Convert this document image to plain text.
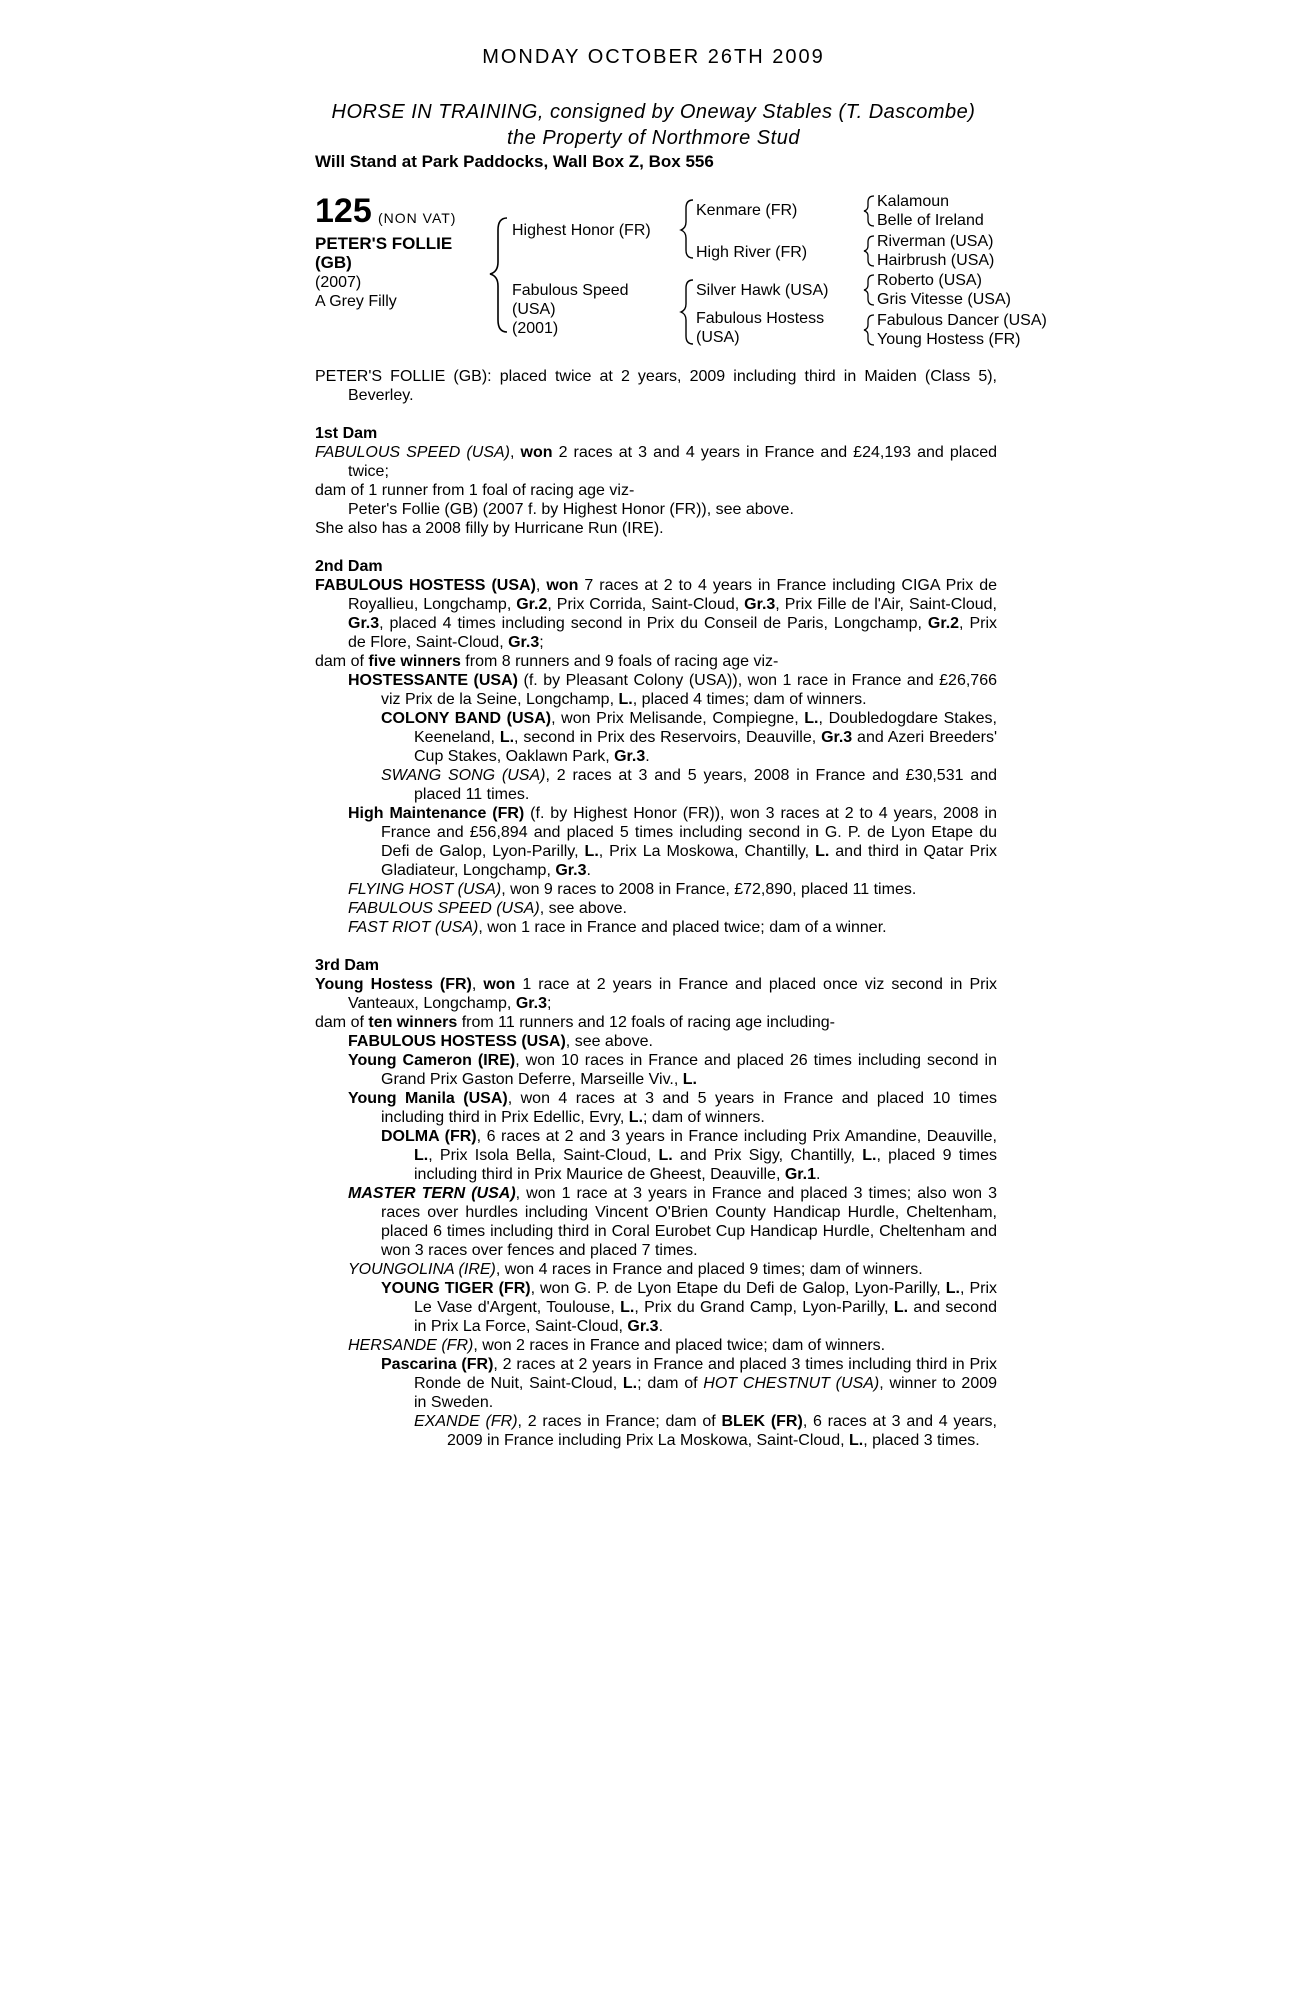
MONDAY OCTOBER 26TH 2009
HORSE IN TRAINING, consigned by Oneway Stables (T. Dascombe)
the Property of Northmore Stud
Will Stand at Park Paddocks, Wall Box Z, Box 556
125 (NON VAT)
PETER'S FOLLIE
(GB)
(2007)
A Grey Filly
Highest Honor (FR)
Fabulous Speed
(USA)
(2001)
Kenmare (FR)
High River (FR)
Silver Hawk (USA)
Fabulous Hostess
(USA)
Kalamoun
Belle of Ireland
Riverman (USA)
Hairbrush (USA)
Roberto (USA)
Gris Vitesse (USA)
Fabulous Dancer (USA)
Young Hostess (FR)

PETER'S FOLLIE (GB): placed twice at 2 years, 2009 including third in Maiden (Class 5), Beverley.

1st Dam

FABULOUS SPEED (USA), won 2 races at 3 and 4 years in France and £24,193 and placed twice;

dam of 1 runner from 1 foal of racing age viz-

Peter's Follie (GB) (2007 f. by Highest Honor (FR)), see above.

She also has a 2008 filly by Hurricane Run (IRE).

2nd Dam

FABULOUS HOSTESS (USA), won 7 races at 2 to 4 years in France including CIGA Prix de Royallieu, Longchamp, Gr.2, Prix Corrida, Saint-Cloud, Gr.3, Prix Fille de l'Air, Saint-Cloud, Gr.3, placed 4 times including second in Prix du Conseil de Paris, Longchamp, Gr.2, Prix de Flore, Saint-Cloud, Gr.3;

dam of five winners from 8 runners and 9 foals of racing age viz-

HOSTESSANTE (USA) (f. by Pleasant Colony (USA)), won 1 race in France and £26,766 viz Prix de la Seine, Longchamp, L., placed 4 times; dam of winners.

COLONY BAND (USA), won Prix Melisande, Compiegne, L., Doubledogdare Stakes, Keeneland, L., second in Prix des Reservoirs, Deauville, Gr.3 and Azeri Breeders' Cup Stakes, Oaklawn Park, Gr.3.

SWANG SONG (USA), 2 races at 3 and 5 years, 2008 in France and £30,531 and placed 11 times.

High Maintenance (FR) (f. by Highest Honor (FR)), won 3 races at 2 to 4 years, 2008 in France and £56,894 and placed 5 times including second in G. P. de Lyon Etape du Defi de Galop, Lyon-Parilly, L., Prix La Moskowa, Chantilly, L. and third in Qatar Prix Gladiateur, Longchamp, Gr.3.

FLYING HOST (USA), won 9 races to 2008 in France, £72,890, placed 11 times.

FABULOUS SPEED (USA), see above.

FAST RIOT (USA), won 1 race in France and placed twice; dam of a winner.

3rd Dam

Young Hostess (FR), won 1 race at 2 years in France and placed once viz second in Prix Vanteaux, Longchamp, Gr.3;

dam of ten winners from 11 runners and 12 foals of racing age including-

FABULOUS HOSTESS (USA), see above.

Young Cameron (IRE), won 10 races in France and placed 26 times including second in Grand Prix Gaston Deferre, Marseille Viv., L.

Young Manila (USA), won 4 races at 3 and 5 years in France and placed 10 times including third in Prix Edellic, Evry, L.; dam of winners.

DOLMA (FR), 6 races at 2 and 3 years in France including Prix Amandine, Deauville, L., Prix Isola Bella, Saint-Cloud, L. and Prix Sigy, Chantilly, L., placed 9 times including third in Prix Maurice de Gheest, Deauville, Gr.1.

MASTER TERN (USA), won 1 race at 3 years in France and placed 3 times; also won 3 races over hurdles including Vincent O'Brien County Handicap Hurdle, Cheltenham, placed 6 times including third in Coral Eurobet Cup Handicap Hurdle, Cheltenham and won 3 races over fences and placed 7 times.

YOUNGOLINA (IRE), won 4 races in France and placed 9 times; dam of winners.

YOUNG TIGER (FR), won G. P. de Lyon Etape du Defi de Galop, Lyon-Parilly, L., Prix Le Vase d'Argent, Toulouse, L., Prix du Grand Camp, Lyon-Parilly, L. and second in Prix La Force, Saint-Cloud, Gr.3.

HERSANDE (FR), won 2 races in France and placed twice; dam of winners.

Pascarina (FR), 2 races at 2 years in France and placed 3 times including third in Prix Ronde de Nuit, Saint-Cloud, L.; dam of HOT CHESTNUT (USA), winner to 2009 in Sweden.

EXANDE (FR), 2 races in France; dam of BLEK (FR), 6 races at 3 and 4 years, 2009 in France including Prix La Moskowa, Saint-Cloud, L., placed 3 times.
